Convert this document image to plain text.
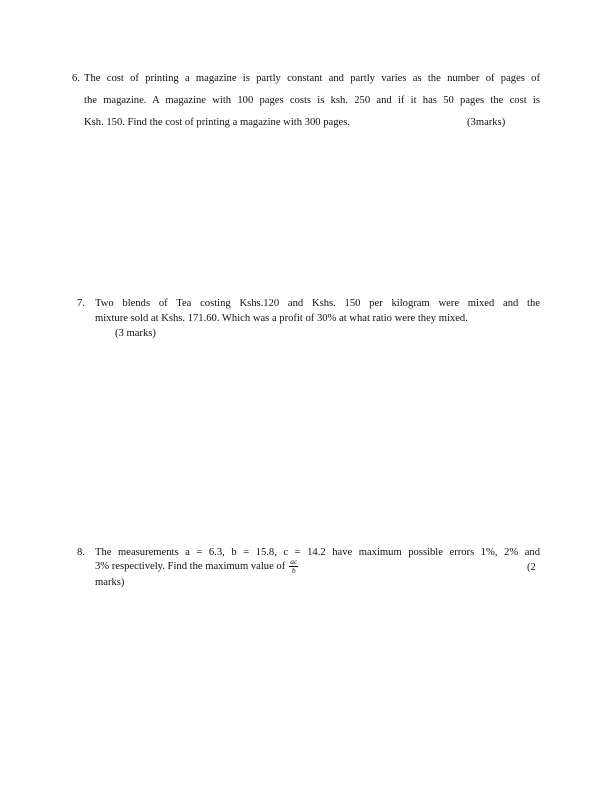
6. The cost of printing a magazine is partly constant and partly varies as the number of pages of
the magazine. A magazine with 100 pages costs is ksh. 250 and if it has 50 pages the cost is
Ksh. 150. Find the cost of printing a magazine with 300 pages.	(3marks)
7. Two blends of Tea costing Kshs.120 and Kshs. 150 per kilogram were mixed and the
mixture sold at Kshs. 171.60. Which was a profit of 30% at what ratio were they mixed.
(3 marks)
8. The measurements a = 6.3, b = 15.8, c = 14.2 have maximum possible errors 1%, 2% and
3% respectively. Find the maximum value of $\frac{ac}{b}$	(2
marks)
